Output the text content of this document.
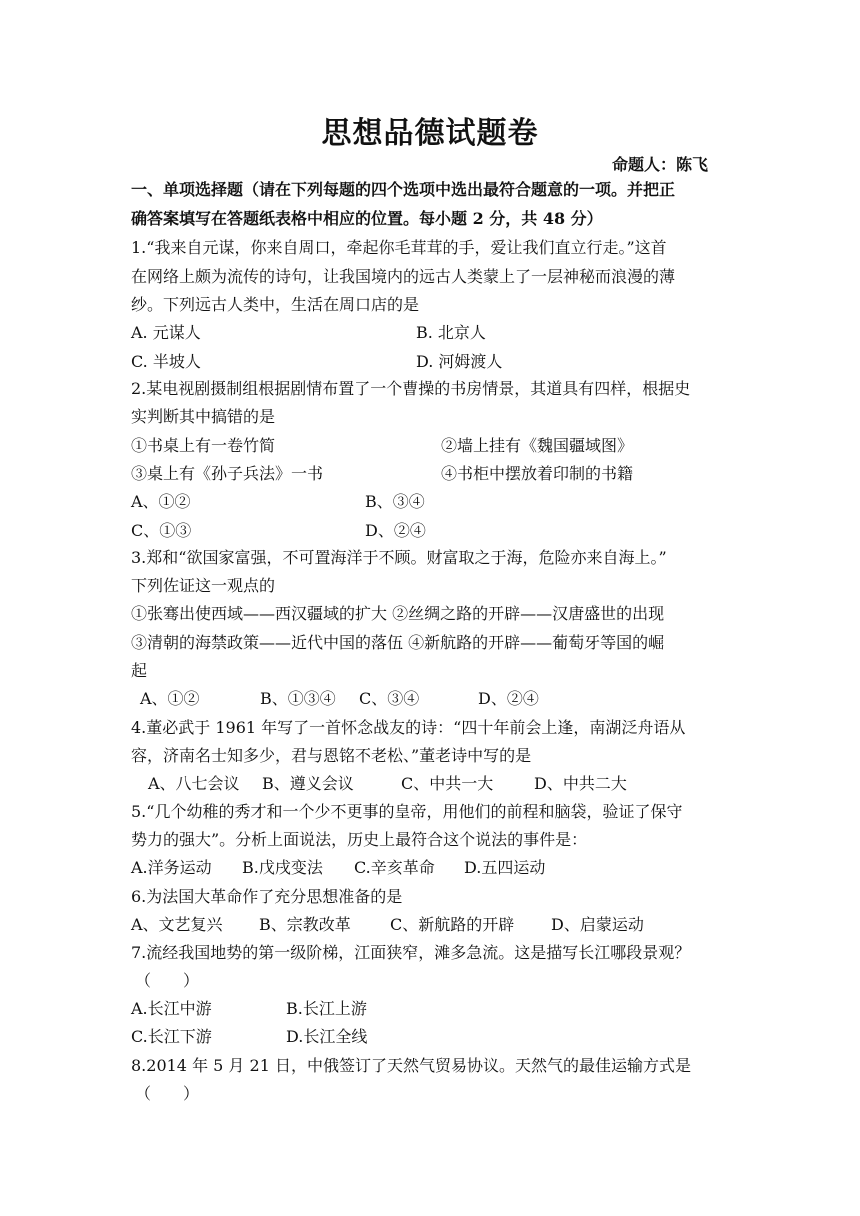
思想品德试题卷
命题人：陈飞
一、单项选择题（请在下列每题的四个选项中选出最符合题意的一项。并把正
确答案填写在答题纸表格中相应的位置。每小题 2 分，共 48 分）
1.“我来自元谋，你来自周口，牵起你毛茸茸的手，爱让我们直立行走。”这首
在网络上颇为流传的诗句，让我国境内的远古人类蒙上了一层神秘而浪漫的薄
纱。下列远古人类中，生活在周口店的是
A. 元谋人	B. 北京人
C. 半坡人	D. 河姆渡人
2.某电视剧摄制组根据剧情布置了一个曹操的书房情景，其道具有四样，根据史
实判断其中搞错的是
①书桌上有一卷竹简	②墙上挂有《魏国疆域图》
③桌上有《孙子兵法》一书	④书柜中摆放着印制的书籍
A、①②	B、③④
C、①③	D、②④
3.郑和“欲国家富强，不可置海洋于不顾。财富取之于海，危险亦来自海上。”
下列佐证这一观点的
①张骞出使西域——西汉疆域的扩大 ②丝绸之路的开辟——汉唐盛世的出现
③清朝的海禁政策——近代中国的落伍 ④新航路的开辟——葡萄牙等国的崛
起
A、①②	B、①③④ C、③④	D、②④
4.董必武于 1961 年写了一首怀念战友的诗：“四十年前会上逢，南湖泛舟语从
容，济南名士知多少，君与恩铭不老松、”董老诗中写的是
A、八七会议 B、遵义会议	C、中共一大	D、中共二大
5.“几个幼稚的秀才和一个少不更事的皇帝，用他们的前程和脑袋，验证了保守
势力的强大”。分析上面说法，历史上最符合这个说法的事件是：
A.洋务运动 B.戊戌变法 C.辛亥革命 D.五四运动
6.为法国大革命作了充分思想准备的是
A、文艺复兴 B、宗教改革 C、新航路的开辟 D、启蒙运动
7.流经我国地势的第一级阶梯，江面狭窄，滩多急流。这是描写长江哪段景观？
（　　）
A.长江中游	B.长江上游
C.长江下游	D.长江全线
8.2014 年 5 月 21 日，中俄签订了天然气贸易协议。天然气的最佳运输方式是
（　　）
